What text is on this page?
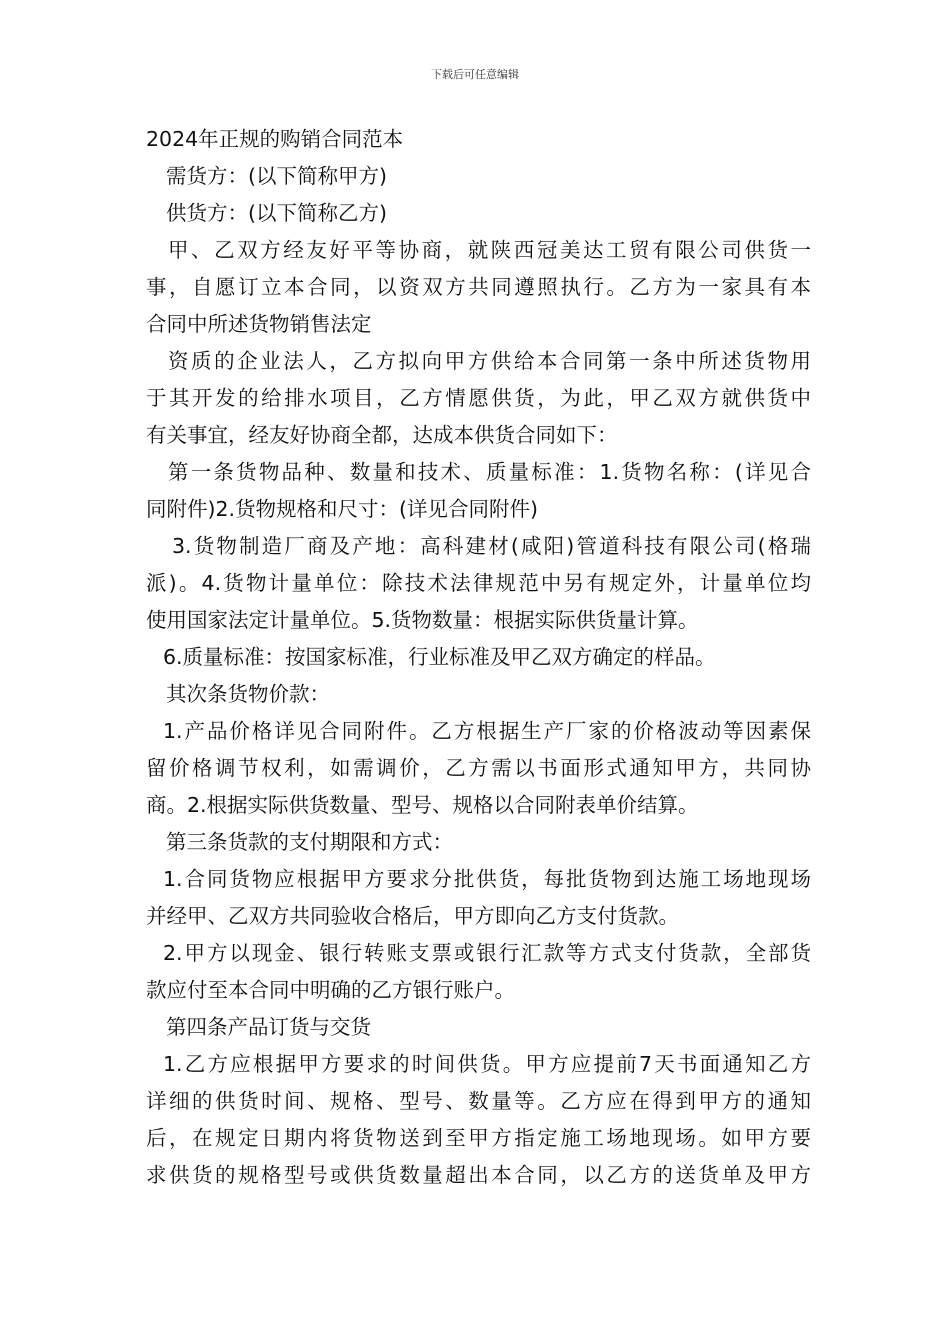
下载后可任意编辑
2024年正规的购销合同范本
需货方：(以下简称甲方)
供货方：(以下简称乙方)
甲、乙双方经友好平等协商，就陕西冠美达工贸有限公司供货一
事，自愿订立本合同，以资双方共同遵照执行。乙方为一家具有本
合同中所述货物销售法定
资质的企业法人，乙方拟向甲方供给本合同第一条中所述货物用
于其开发的给排水项目，乙方情愿供货，为此，甲乙双方就供货中
有关事宜，经友好协商全都，达成本供货合同如下：
第一条货物品种、数量和技术、质量标准：1.货物名称：(详见合
同附件)2.货物规格和尺寸：(详见合同附件)
3.货物制造厂商及产地：高科建材(咸阳)管道科技有限公司(格瑞
派)。4.货物计量单位：除技术法律规范中另有规定外，计量单位均
使用国家法定计量单位。5.货物数量：根据实际供货量计算。
6.质量标准：按国家标准，行业标准及甲乙双方确定的样品。
其次条货物价款：
1.产品价格详见合同附件。乙方根据生产厂家的价格波动等因素保
留价格调节权利，如需调价，乙方需以书面形式通知甲方，共同协
商。2.根据实际供货数量、型号、规格以合同附表单价结算。
第三条货款的支付期限和方式：
1.合同货物应根据甲方要求分批供货，每批货物到达施工场地现场
并经甲、乙双方共同验收合格后，甲方即向乙方支付货款。
2.甲方以现金、银行转账支票或银行汇款等方式支付货款，全部货
款应付至本合同中明确的乙方银行账户。
第四条产品订货与交货
1.乙方应根据甲方要求的时间供货。甲方应提前7天书面通知乙方
详细的供货时间、规格、型号、数量等。乙方应在得到甲方的通知
后，在规定日期内将货物送到至甲方指定施工场地现场。如甲方要
求供货的规格型号或供货数量超出本合同，以乙方的送货单及甲方
